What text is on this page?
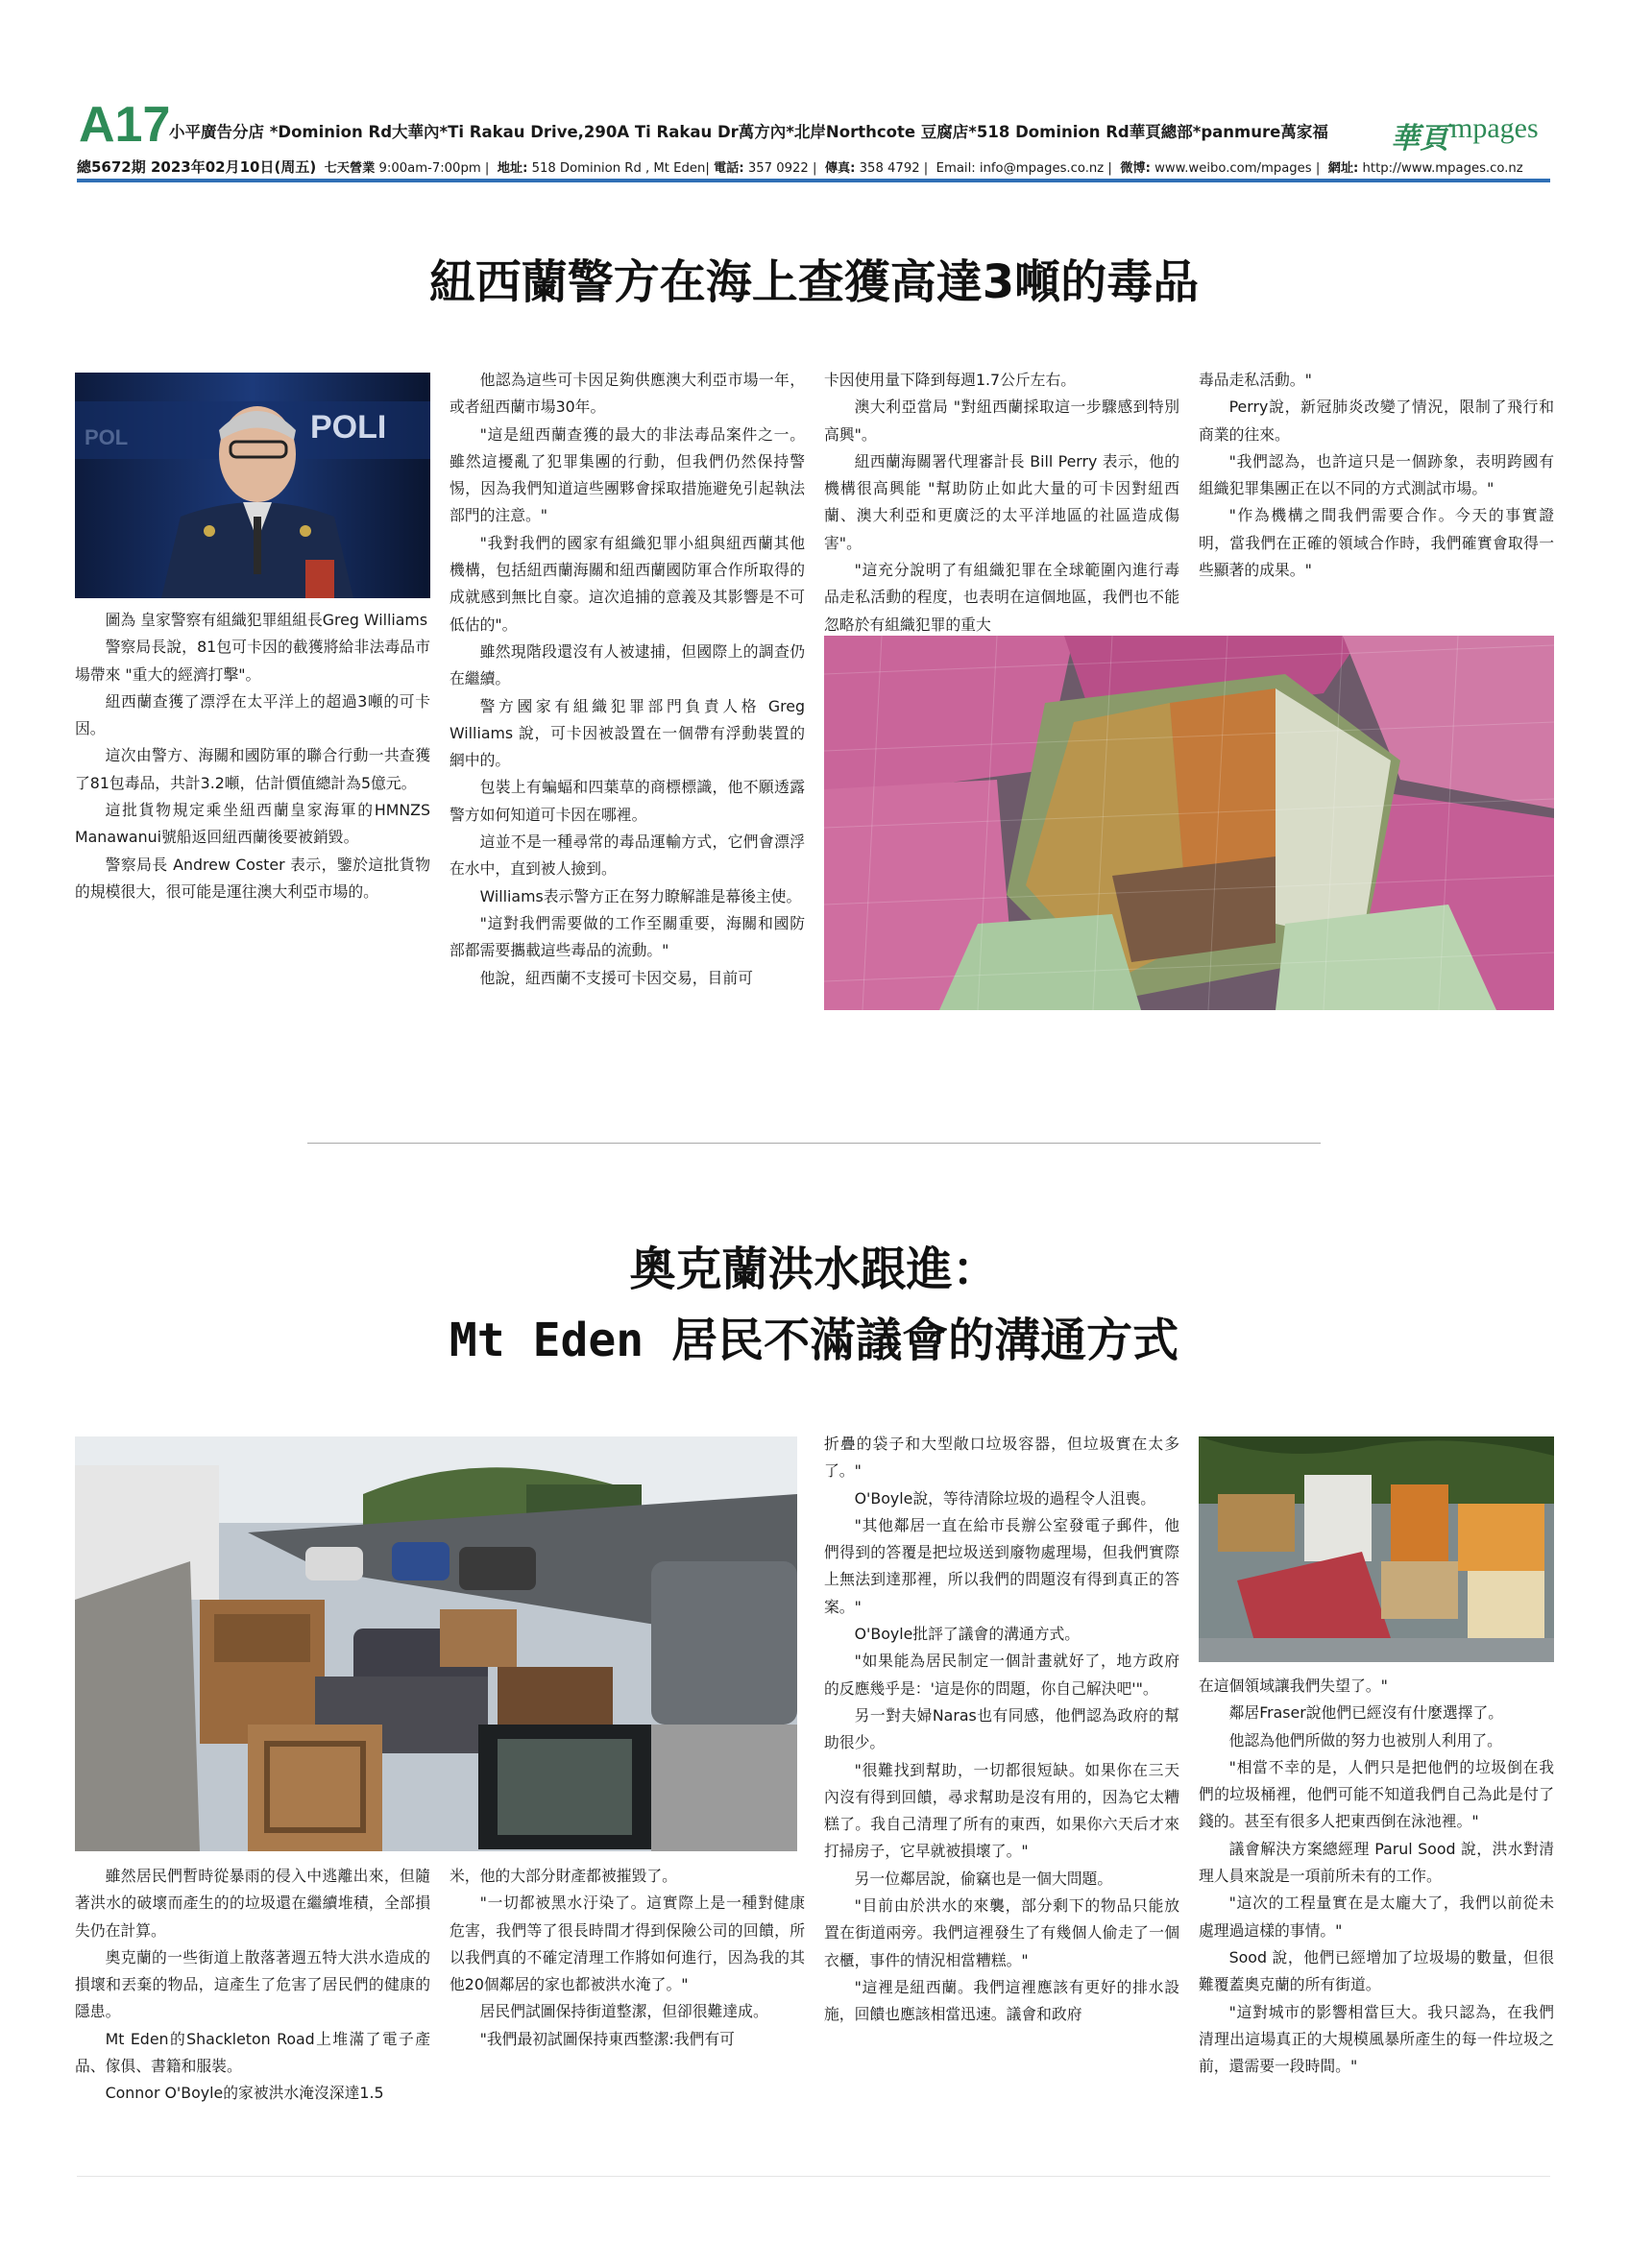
A17
小平廣告分店 *Dominion Rd大華內*Ti Rakau Drive,290A Ti Rakau Dr萬方內*北岸Northcote 豆腐店*518 Dominion Rd華頁總部*panmure萬家福 華頁 mpages
總5672期 2023年02月10日(周五) 七天營業 9:00am-7:00pm |  地址: 518 Dominion Rd , Mt Eden| 電話: 357 0922 |  傳真: 358 4792 |  Email: info@mpages.co.nz |  微博: www.weibo.com/mpages |  網址: http://www.mpages.co.nz
紐西蘭警方在海上查獲高達3噸的毒品
POLI
POL

圖為 皇家警察有組織犯罪組組長Greg Williams

警察局長說，81包可卡因的截獲將給非法毒品市場帶來 "重大的經濟打擊"。

紐西蘭查獲了漂浮在太平洋上的超過3噸的可卡因。

這次由警方、海關和國防軍的聯合行動一共查獲了81包毒品，共計3.2噸，估計價值總計為5億元。

這批貨物規定乘坐紐西蘭皇家海軍的HMNZS Manawanui號船返回紐西蘭後要被銷毀。

警察局長 Andrew Coster 表示，鑒於這批貨物的規模很大，很可能是運往澳大利亞市場的。

他認為這些可卡因足夠供應澳大利亞市場一年，或者紐西蘭市場30年。

"這是紐西蘭查獲的最大的非法毒品案件之一。雖然這擾亂了犯罪集團的行動，但我們仍然保持警惕，因為我們知道這些團夥會採取措施避免引起執法部門的注意。"

"我對我們的國家有組織犯罪小組與紐西蘭其他機構，包括紐西蘭海關和紐西蘭國防軍合作所取得的成就感到無比自豪。這次追捕的意義及其影響是不可低估的"。

雖然現階段還沒有人被逮捕，但國際上的調查仍在繼續。

警方國家有組織犯罪部門負責人格 Greg Williams 說，可卡因被設置在一個帶有浮動裝置的網中的。

包裝上有蝙蝠和四葉草的商標標識，他不願透露警方如何知道可卡因在哪裡。

這並不是一種尋常的毒品運輸方式，它們會漂浮在水中，直到被人撿到。

Williams表示警方正在努力瞭解誰是幕後主使。

"這對我們需要做的工作至關重要，海關和國防部都需要攜載這些毒品的流動。"

他說，紐西蘭不支援可卡因交易，目前可

卡因使用量下降到每週1.7公斤左右。

澳大利亞當局 "對紐西蘭採取這一步驟感到特別高興"。

紐西蘭海關署代理審計長 Bill Perry 表示，他的機構很高興能 "幫助防止如此大量的可卡因對紐西蘭、澳大利亞和更廣泛的太平洋地區的社區造成傷害"。

"這充分說明了有組織犯罪在全球範圍內進行毒品走私活動的程度，也表明在這個地區，我們也不能忽略於有組織犯罪的重大

毒品走私活動。"

Perry說，新冠肺炎改變了情況，限制了飛行和商業的往來。

"我們認為，也許這只是一個跡象，表明跨國有組織犯罪集團正在以不同的方式測試市場。"

"作為機構之間我們需要合作。今天的事實證明，當我們在正確的領域合作時，我們確實會取得一些顯著的成果。"

奧克蘭洪水跟進：
Mt Eden 居民不滿議會的溝通方式

雖然居民們暫時從暴雨的侵入中逃離出來，但隨著洪水的破壞而產生的的垃圾還在繼續堆積，全部損失仍在計算。

奧克蘭的一些街道上散落著週五特大洪水造成的損壞和丟棄的物品，這產生了危害了居民們的健康的隱患。

Mt Eden的Shackleton Road上堆滿了電子產品、傢俱、書籍和服裝。

Connor O'Boyle的家被洪水淹沒深達1.5

米，他的大部分財產都被摧毀了。

"一切都被黑水汙染了。這實際上是一種對健康危害，我們等了很長時間才得到保險公司的回饋，所以我們真的不確定清理工作將如何進行，因為我的其他20個鄰居的家也都被洪水淹了。"

居民們試圖保持街道整潔，但卻很難達成。

"我們最初試圖保持東西整潔:我們有可

折疊的袋子和大型敞口垃圾容器，但垃圾實在太多了。"

O'Boyle說，等待清除垃圾的過程令人沮喪。

"其他鄰居一直在給市長辦公室發電子郵件，他們得到的答覆是把垃圾送到廢物處理場，但我們實際上無法到達那裡，所以我們的問題沒有得到真正的答案。"

O'Boyle批評了議會的溝通方式。

"如果能為居民制定一個計畫就好了，地方政府的反應幾乎是：'這是你的問題，你自己解決吧'"。

另一對夫婦Naras也有同感，他們認為政府的幫助很少。

"很難找到幫助，一切都很短缺。如果你在三天內沒有得到回饋，尋求幫助是沒有用的，因為它太糟糕了。我自己清理了所有的東西，如果你六天后才來打掃房子，它早就被損壞了。"

另一位鄰居說，偷竊也是一個大問題。

"目前由於洪水的來襲，部分剩下的物品只能放置在街道兩旁。我們這裡發生了有幾個人偷走了一個衣櫃，事件的情況相當糟糕。"

"這裡是紐西蘭。我們這裡應該有更好的排水設施，回饋也應該相當迅速。議會和政府

在這個領域讓我們失望了。"

鄰居Fraser說他們已經沒有什麼選擇了。

他認為他們所做的努力也被別人利用了。

"相當不幸的是，人們只是把他們的垃圾倒在我們的垃圾桶裡，他們可能不知道我們自己為此是付了錢的。甚至有很多人把東西倒在泳池裡。"

議會解決方案總經理 Parul Sood 說，洪水對清理人員來說是一項前所未有的工作。

"這次的工程量實在是太龐大了，我們以前從未處理過這樣的事情。"

Sood 說，他們已經增加了垃圾場的數量，但很難覆蓋奧克蘭的所有街道。

"這對城市的影響相當巨大。我只認為，在我們清理出這場真正的大規模風暴所產生的每一件垃圾之前，還需要一段時間。"
